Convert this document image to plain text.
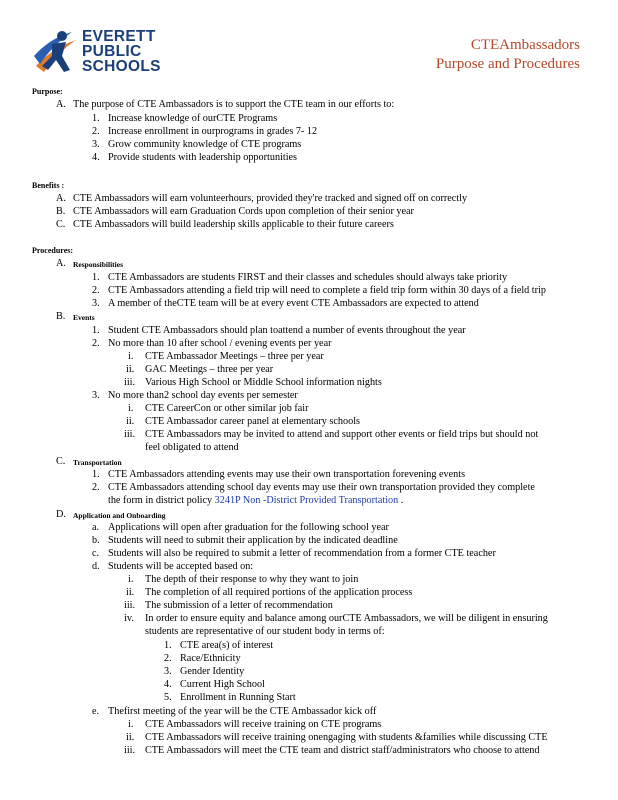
EVERETT
PUBLIC
SCHOOLS
CTEAmbassadors
Purpose and Procedures
Purpose:
A. The purpose of CTE Ambassadors is to support the CTE team in our efforts to:
1. Increase knowledge of ourCTE Programs
2. Increase enrollment in ourprograms in grades 7- 12
3. Grow community knowledge of CTE programs
4. Provide students with leadership opportunities
Benefits :
A. CTE Ambassadors will earn volunteerhours, provided they're tracked and signed off on correctly
B. CTE Ambassadors will earn Graduation Cords upon completion of their senior year
C. CTE Ambassadors will build leadership skills applicable to their future careers
Procedures:
A. Responsibilities
1. CTE Ambassadors are students FIRST and their classes and schedules should always take priority
2. CTE Ambassadors attending a field trip will need to complete a field trip form within 30 days of a field trip
3. A member of theCTE team will be at every event CTE Ambassadors are expected to attend
B. Events
1. Student CTE Ambassadors should plan toattend a number of events throughout the year
2. No more than 10 after school / evening events per year
i. CTE Ambassador Meetings – three per year
ii. GAC Meetings – three per year
iii. Various High School or Middle School information nights
3. No more than2 school day events per semester
i. CTE CareerCon or other similar job fair
ii. CTE Ambassador career panel at elementary schools
iii. CTE Ambassadors may be invited to attend and support other events or field trips but should not
feel obligated to attend
C. Transportation
1. CTE Ambassadors attending events may use their own transportation forevening events
2. CTE Ambassadors attending school day events may use their own transportation provided they complete
the form in district policy 3241P Non -District Provided Transportation .
D. Application and Onboarding
a. Applications will open after graduation for the following school year
b. Students will need to submit their application by the indicated deadline
c. Students will also be required to submit a letter of recommendation from a former CTE teacher
d. Students will be accepted based on:
i. The depth of their response to why they want to join
ii. The completion of all required portions of the application process
iii. The submission of a letter of recommendation
iv. In order to ensure equity and balance among ourCTE Ambassadors, we will be diligent in ensuring
students are representative of our student body in terms of:
1. CTE area(s) of interest
2. Race/Ethnicity
3. Gender Identity
4. Current High School
5. Enrollment in Running Start
e. Thefirst meeting of the year will be the CTE Ambassador kick off
i. CTE Ambassadors will receive training on CTE programs
ii. CTE Ambassadors will receive training onengaging with students &families while discussing CTE
iii. CTE Ambassadors will meet the CTE team and district staff/administrators who choose to attend
